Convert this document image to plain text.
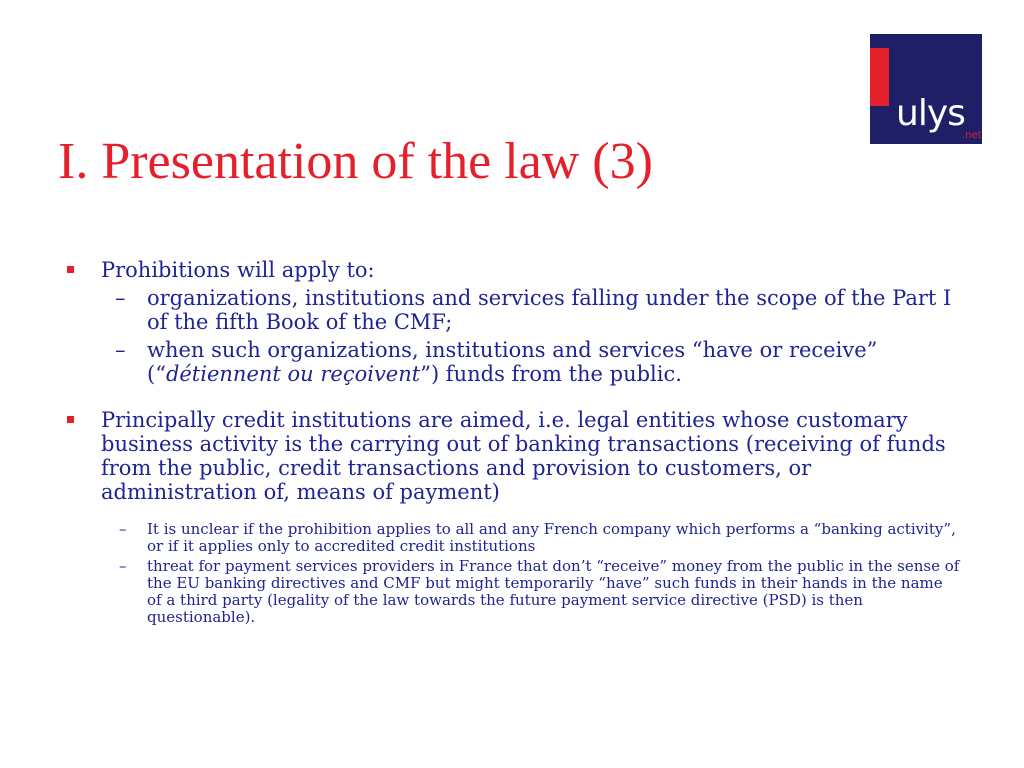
ulys
.net
I. Presentation of the law (3)
Prohibitions will apply to:
– organizations, institutions and services falling under the scope of the Part I of the fifth Book of the CMF;
– when such organizations, institutions and services “have or receive” (“détiennent ou reçoivent”) funds from the public.
Principally credit institutions are aimed, i.e. legal entities whose customary business activity is the carrying out of banking transactions (receiving of funds from the public, credit transactions and provision to customers, or administration of, means of payment)
– It is unclear if the prohibition applies to all and any French company which performs a “banking activity”, or if it applies only to accredited credit institutions
– threat for payment services providers in France that don’t “receive” money from the public in the sense of the EU banking directives and CMF but might temporarily “have” such funds in their hands in the name of a third party (legality of the law towards the future payment service directive (PSD) is then questionable).
